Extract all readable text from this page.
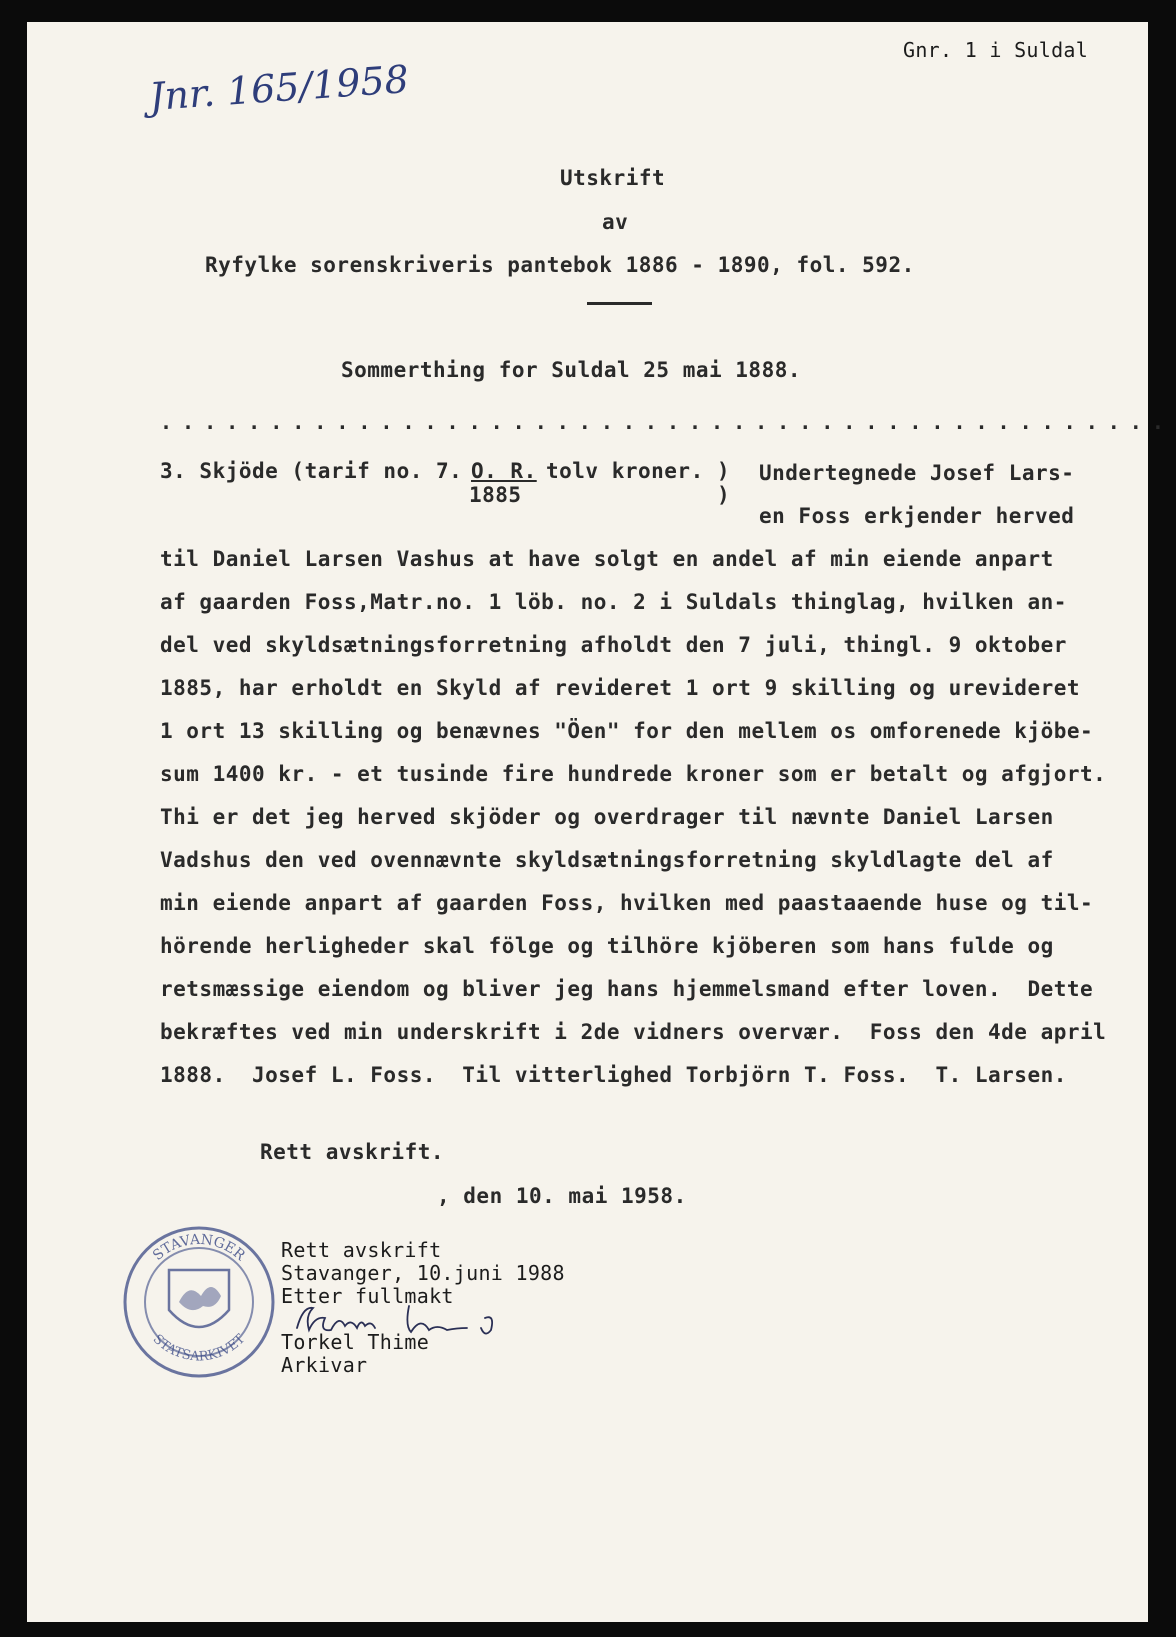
Gnr. 1 i Suldal
Jnr. 165/1958
Utskrift
av
Ryfylke sorenskriveris pantebok 1886 - 1890, fol. 592.
Sommerthing for Suldal 25 mai 1888.
..............................................
3. Skjöde (tarif no. 7. O. R.
1885
tolv kroner. )
)
Undertegnede Josef Lars-
en Foss erkjender herved
til Daniel Larsen Vashus at have solgt en andel af min eiende anpart
af gaarden Foss,Matr.no. 1 löb. no. 2 i Suldals thinglag, hvilken an-
del ved skyldsætningsforretning afholdt den 7 juli, thingl. 9 oktober
1885, har erholdt en Skyld af revideret 1 ort 9 skilling og urevideret
1 ort 13 skilling og benævnes "Öen" for den mellem os omforenede kjöbe-
sum 1400 kr. - et tusinde fire hundrede kroner som er betalt og afgjort.
Thi er det jeg herved skjöder og overdrager til nævnte Daniel Larsen
Vadshus den ved ovennævnte skyldsætningsforretning skyldlagte del af
min eiende anpart af gaarden Foss, hvilken med paastaaende huse og til-
hörende herligheder skal fölge og tilhöre kjöberen som hans fulde og
retsmæssige eiendom og bliver jeg hans hjemmelsmand efter loven.  Dette
bekræftes ved min underskrift i 2de vidners overvær.  Foss den 4de april
1888.  Josef L. Foss.  Til vitterlighed Torbjörn T. Foss.  T. Larsen.
Rett avskrift.
, den 10. mai 1958.
STAVANGER
STATSARKIVET
Rett avskrift
Stavanger, 10.juni 1988
Etter fullmakt
Torkel Thime
Arkivar
